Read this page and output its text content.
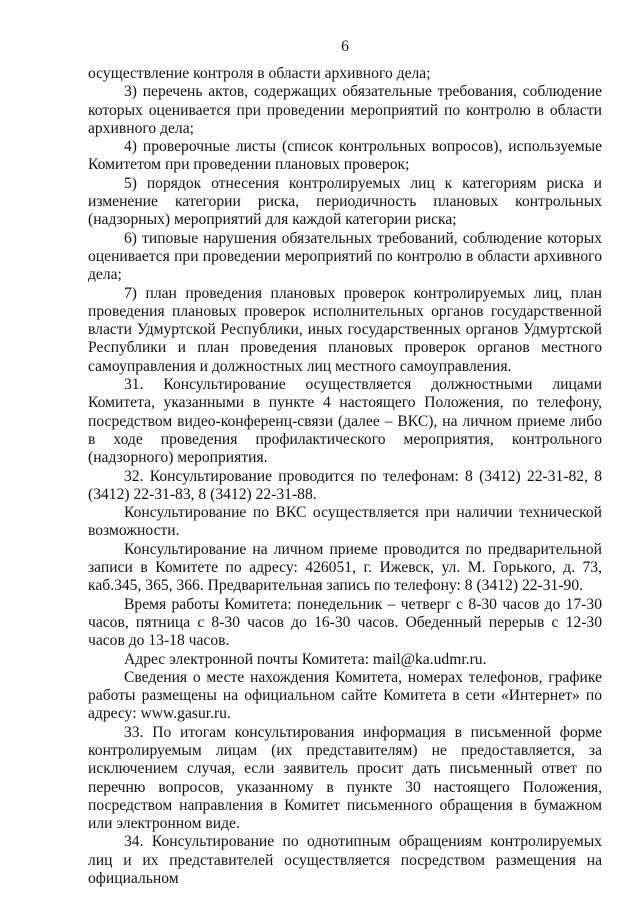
6

осуществление контроля в области архивного дела;

3) перечень актов, содержащих обязательные требования, соблюдение которых оценивается при проведении мероприятий по контролю в области архивного дела;

4) проверочные листы (список контрольных вопросов), используемые Комитетом при проведении плановых проверок;

5) порядок отнесения контролируемых лиц к категориям риска и изменение категории риска, периодичность плановых контрольных (надзорных) мероприятий для каждой категории риска;

6) типовые нарушения обязательных требований, соблюдение которых оценивается при проведении мероприятий по контролю в области архивного дела;

7) план проведения плановых проверок контролируемых лиц, план проведения плановых проверок исполнительных органов государственной власти Удмуртской Республики, иных государственных органов Удмуртской Республики и план проведения плановых проверок органов местного самоуправления и должностных лиц местного самоуправления.

31. Консультирование осуществляется должностными лицами Комитета, указанными в пункте 4 настоящего Положения, по телефону, посредством видео-конференц-связи (далее – ВКС), на личном приеме либо в ходе проведения профилактического мероприятия, контрольного (надзорного) мероприятия.

32. Консультирование проводится по телефонам: 8 (3412) 22-31-82, 8 (3412) 22-31-83, 8 (3412) 22-31-88.

Консультирование по ВКС осуществляется при наличии технической возможности.

Консультирование на личном приеме проводится по предварительной записи в Комитете по адресу: 426051, г. Ижевск, ул. М. Горького, д. 73, каб.345, 365, 366. Предварительная запись по телефону: 8 (3412) 22-31-90.

Время работы Комитета: понедельник – четверг с 8-30 часов до 17-30 часов, пятница с 8-30 часов до 16-30 часов. Обеденный перерыв с 12-30 часов до 13-18 часов.

Адрес электронной почты Комитета: mail@ka.udmr.ru.

Сведения о месте нахождения Комитета, номерах телефонов, графике работы размещены на официальном сайте Комитета в сети «Интернет» по адресу: www.gasur.ru.

33. По итогам консультирования информация в письменной форме контролируемым лицам (их представителям) не предоставляется, за исключением случая, если заявитель просит дать письменный ответ по перечню вопросов, указанному в пункте 30 настоящего Положения, посредством направления в Комитет письменного обращения в бумажном или электронном виде.

34. Консультирование по однотипным обращениям контролируемых лиц и их представителей осуществляется посредством размещения на официальном
